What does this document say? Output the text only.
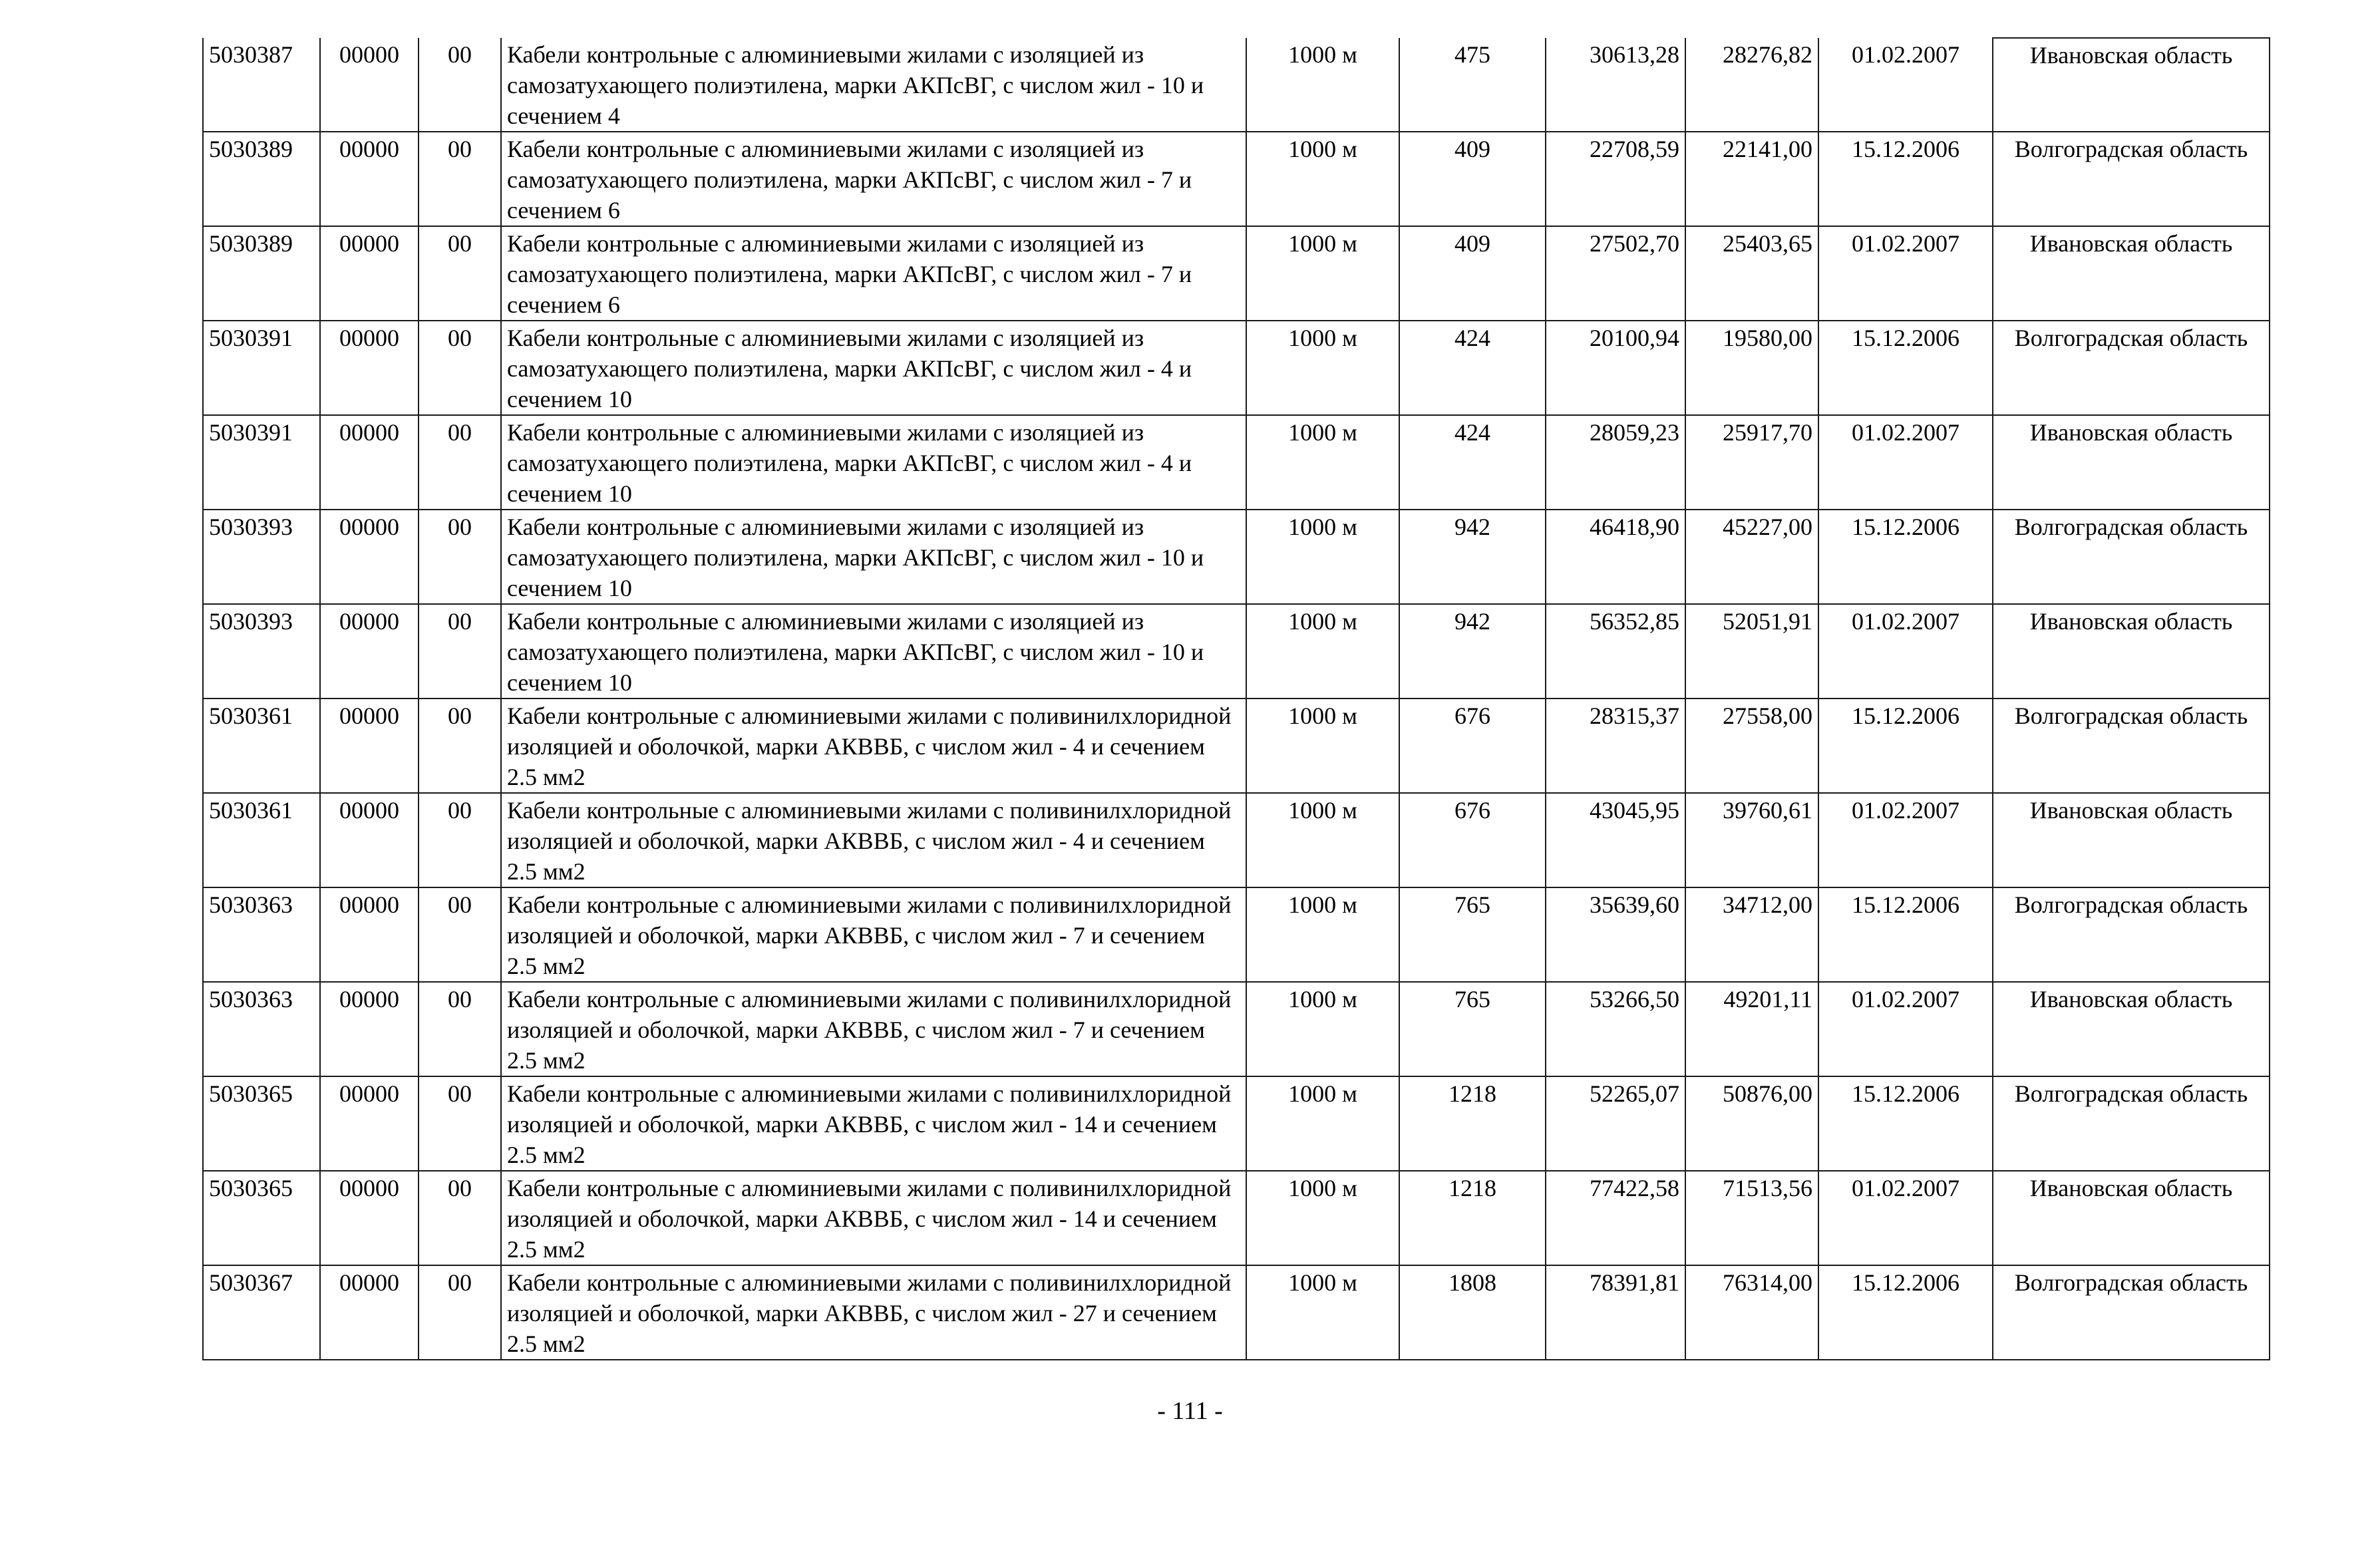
5030387	00000	00	Кабели контрольные с алюминиевыми жилами с изоляцией из самозатухающего полиэтилена, марки АКПсВГ, с числом жил - 10 и сечением 4	1000 м	475	30613,28	28276,82	01.02.2007	Ивановская область
5030389	00000	00	Кабели контрольные с алюминиевыми жилами с изоляцией из самозатухающего полиэтилена, марки АКПсВГ, с числом жил - 7 и сечением 6	1000 м	409	22708,59	22141,00	15.12.2006	Волгоградская область
5030389	00000	00	Кабели контрольные с алюминиевыми жилами с изоляцией из самозатухающего полиэтилена, марки АКПсВГ, с числом жил - 7 и сечением 6	1000 м	409	27502,70	25403,65	01.02.2007	Ивановская область
5030391	00000	00	Кабели контрольные с алюминиевыми жилами с изоляцией из самозатухающего полиэтилена, марки АКПсВГ, с числом жил - 4 и сечением 10	1000 м	424	20100,94	19580,00	15.12.2006	Волгоградская область
5030391	00000	00	Кабели контрольные с алюминиевыми жилами с изоляцией из самозатухающего полиэтилена, марки АКПсВГ, с числом жил - 4 и сечением 10	1000 м	424	28059,23	25917,70	01.02.2007	Ивановская область
5030393	00000	00	Кабели контрольные с алюминиевыми жилами с изоляцией из самозатухающего полиэтилена, марки АКПсВГ, с числом жил - 10 и сечением 10	1000 м	942	46418,90	45227,00	15.12.2006	Волгоградская область
5030393	00000	00	Кабели контрольные с алюминиевыми жилами с изоляцией из самозатухающего полиэтилена, марки АКПсВГ, с числом жил - 10 и сечением 10	1000 м	942	56352,85	52051,91	01.02.2007	Ивановская область
5030361	00000	00	Кабели контрольные с алюминиевыми жилами с поливинилхлоридной изоляцией и оболочкой, марки АКВВБ, с числом жил - 4 и сечением 2.5 мм2	1000 м	676	28315,37	27558,00	15.12.2006	Волгоградская область
5030361	00000	00	Кабели контрольные с алюминиевыми жилами с поливинилхлоридной изоляцией и оболочкой, марки АКВВБ, с числом жил - 4 и сечением 2.5 мм2	1000 м	676	43045,95	39760,61	01.02.2007	Ивановская область
5030363	00000	00	Кабели контрольные с алюминиевыми жилами с поливинилхлоридной изоляцией и оболочкой, марки АКВВБ, с числом жил - 7 и сечением 2.5 мм2	1000 м	765	35639,60	34712,00	15.12.2006	Волгоградская область
5030363	00000	00	Кабели контрольные с алюминиевыми жилами с поливинилхлоридной изоляцией и оболочкой, марки АКВВБ, с числом жил - 7 и сечением 2.5 мм2	1000 м	765	53266,50	49201,11	01.02.2007	Ивановская область
5030365	00000	00	Кабели контрольные с алюминиевыми жилами с поливинилхлоридной изоляцией и оболочкой, марки АКВВБ, с числом жил - 14 и сечением 2.5 мм2	1000 м	1218	52265,07	50876,00	15.12.2006	Волгоградская область
5030365	00000	00	Кабели контрольные с алюминиевыми жилами с поливинилхлоридной изоляцией и оболочкой, марки АКВВБ, с числом жил - 14 и сечением 2.5 мм2	1000 м	1218	77422,58	71513,56	01.02.2007	Ивановская область
5030367	00000	00	Кабели контрольные с алюминиевыми жилами с поливинилхлоридной изоляцией и оболочкой, марки АКВВБ, с числом жил - 27 и сечением 2.5 мм2	1000 м	1808	78391,81	76314,00	15.12.2006	Волгоградская область
- 111 -
